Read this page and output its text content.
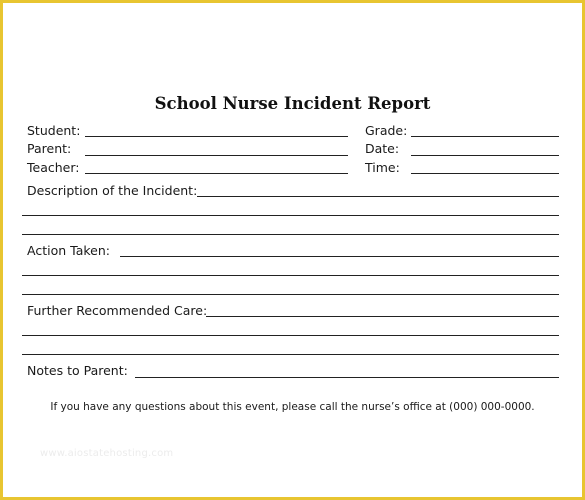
School Nurse Incident Report
Student:	Grade:
Parent:	Date:
Teacher:	Time:
Description of the Incident:
Action Taken:
Further Recommended Care:
Notes to Parent:
If you have any questions about this event, please call the nurse’s office at (000) 000-0000.
www.aiostatehosting.com
